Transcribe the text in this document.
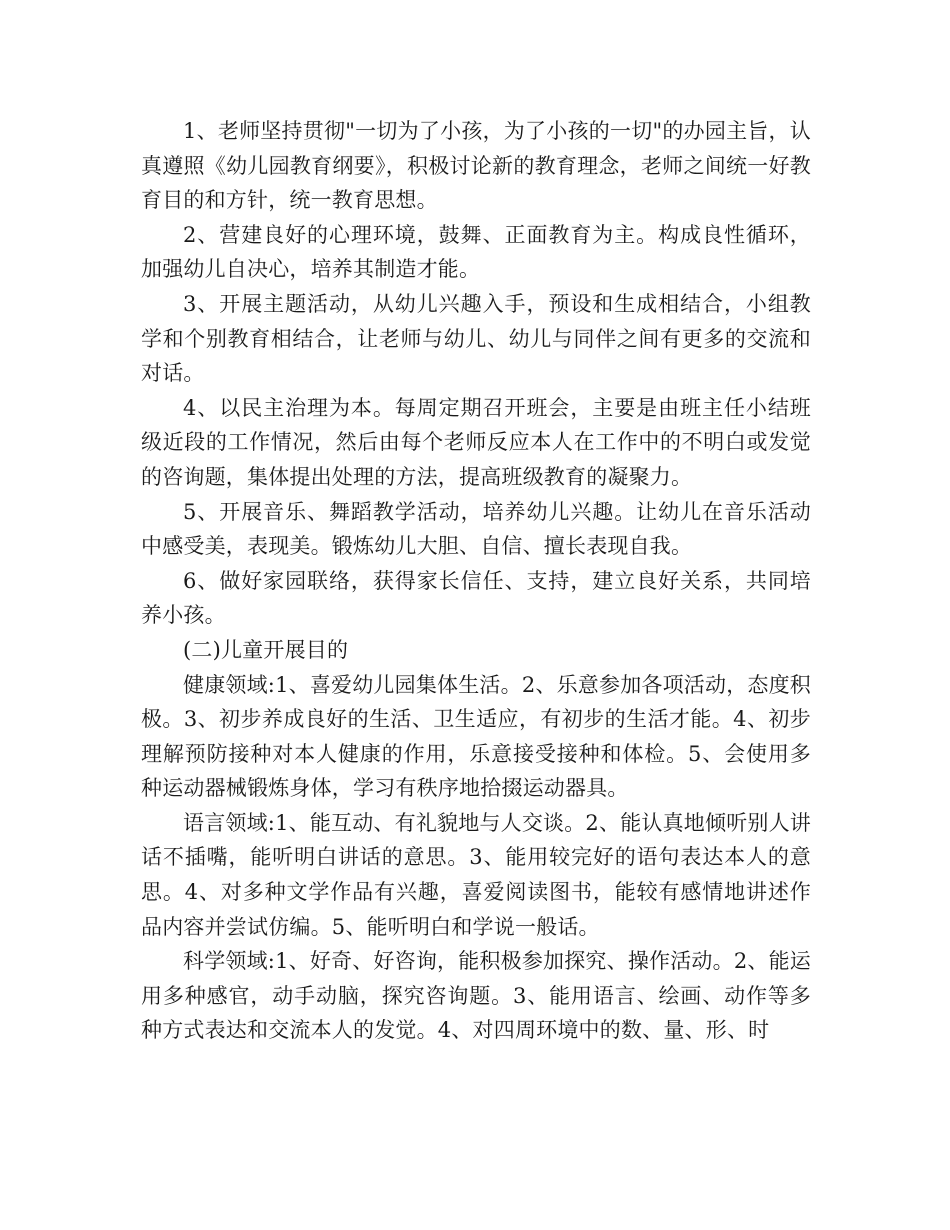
1、老师坚持贯彻"一切为了小孩，为了小孩的一切"的办园主旨，认真遵照《幼儿园教育纲要》，积极讨论新的教育理念，老师之间统一好教育目的和方针，统一教育思想。

2、营建良好的心理环境，鼓舞、正面教育为主。构成良性循环，加强幼儿自决心，培养其制造才能。

3、开展主题活动，从幼儿兴趣入手，预设和生成相结合，小组教学和个别教育相结合，让老师与幼儿、幼儿与同伴之间有更多的交流和对话。

4、以民主治理为本。每周定期召开班会，主要是由班主任小结班级近段的工作情况，然后由每个老师反应本人在工作中的不明白或发觉的咨询题，集体提出处理的方法，提高班级教育的凝聚力。

5、开展音乐、舞蹈教学活动，培养幼儿兴趣。让幼儿在音乐活动中感受美，表现美。锻炼幼儿大胆、自信、擅长表现自我。

6、做好家园联络，获得家长信任、支持，建立良好关系，共同培养小孩。

(二)儿童开展目的

健康领域:1、喜爱幼儿园集体生活。2、乐意参加各项活动，态度积极。3、初步养成良好的生活、卫生适应，有初步的生活才能。4、初步理解预防接种对本人健康的作用，乐意接受接种和体检。5、会使用多种运动器械锻炼身体，学习有秩序地拾掇运动器具。

语言领域:1、能互动、有礼貌地与人交谈。2、能认真地倾听别人讲话不插嘴，能听明白讲话的意思。3、能用较完好的语句表达本人的意思。4、对多种文学作品有兴趣，喜爱阅读图书，能较有感情地讲述作品内容并尝试仿编。5、能听明白和学说一般话。

科学领域:1、好奇、好咨询，能积极参加探究、操作活动。2、能运用多种感官，动手动脑，探究咨询题。3、能用语言、绘画、动作等多种方式表达和交流本人的发觉。4、对四周环境中的数、量、形、时
